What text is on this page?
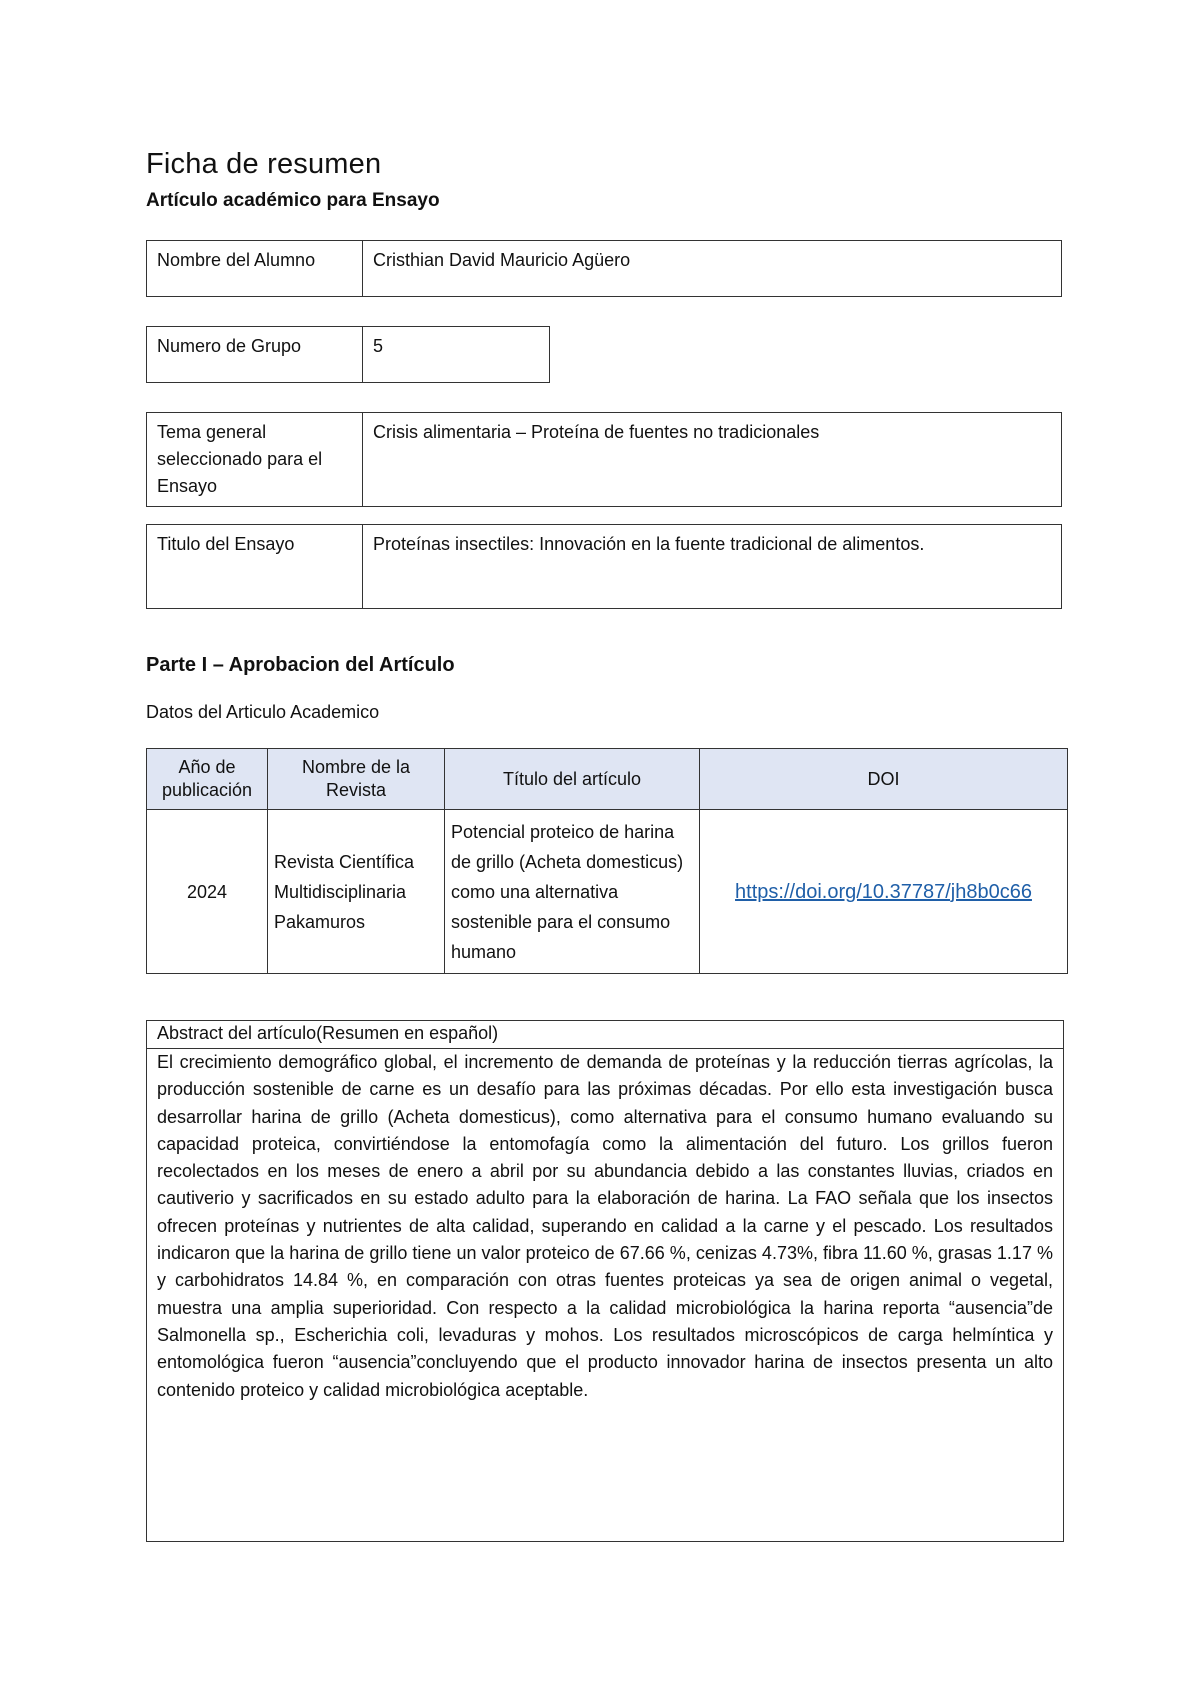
Ficha de resumen
Artículo académico para Ensayo
Nombre del Alumno	Cristhian David Mauricio Agüero
Numero de Grupo	5
Tema general seleccionado para el Ensayo	Crisis alimentaria – Proteína de fuentes no tradicionales
Titulo del Ensayo	Proteínas insectiles: Innovación en la fuente tradicional de alimentos.
Parte I – Aprobacion del Artículo
Datos del Articulo Academico
Año de publicación	Nombre de la Revista	Título del artículo	DOI
2024	Revista Científica Multidisciplinaria Pakamuros	Potencial proteico de harina de grillo (Acheta domesticus) como una alternativa sostenible para el consumo humano	https://doi.org/10.37787/jh8b0c66
Abstract del artículo(Resumen en español)
El crecimiento demográfico global, el incremento de demanda de proteínas y la reducción tierras agrícolas, la producción sostenible de carne es un desafío para las próximas décadas. Por ello esta investigación busca desarrollar harina de grillo (Acheta domesticus), como alternativa para el consumo humano evaluando su capacidad proteica, convirtiéndose la entomofagía como la alimentación del futuro. Los grillos fueron recolectados en los meses de enero a abril por su abundancia debido a las constantes lluvias, criados en cautiverio y sacrificados en su estado adulto para la elaboración de harina. La FAO señala que los insectos ofrecen proteínas y nutrientes de alta calidad, superando en calidad a la carne y el pescado. Los resultados indicaron que la harina de grillo tiene un valor proteico de 67.66 %, cenizas 4.73%, fibra 11.60 %, grasas 1.17 % y carbohidratos 14.84 %, en comparación con otras fuentes proteicas ya sea de origen animal o vegetal, muestra una amplia superioridad. Con respecto a la calidad microbiológica la harina reporta “ausencia”de Salmonella sp., Escherichia coli, levaduras y mohos. Los resultados microscópicos de carga helmíntica y entomológica fueron “ausencia”concluyendo que el producto innovador harina de insectos presenta un alto contenido proteico y calidad microbiológica aceptable.
